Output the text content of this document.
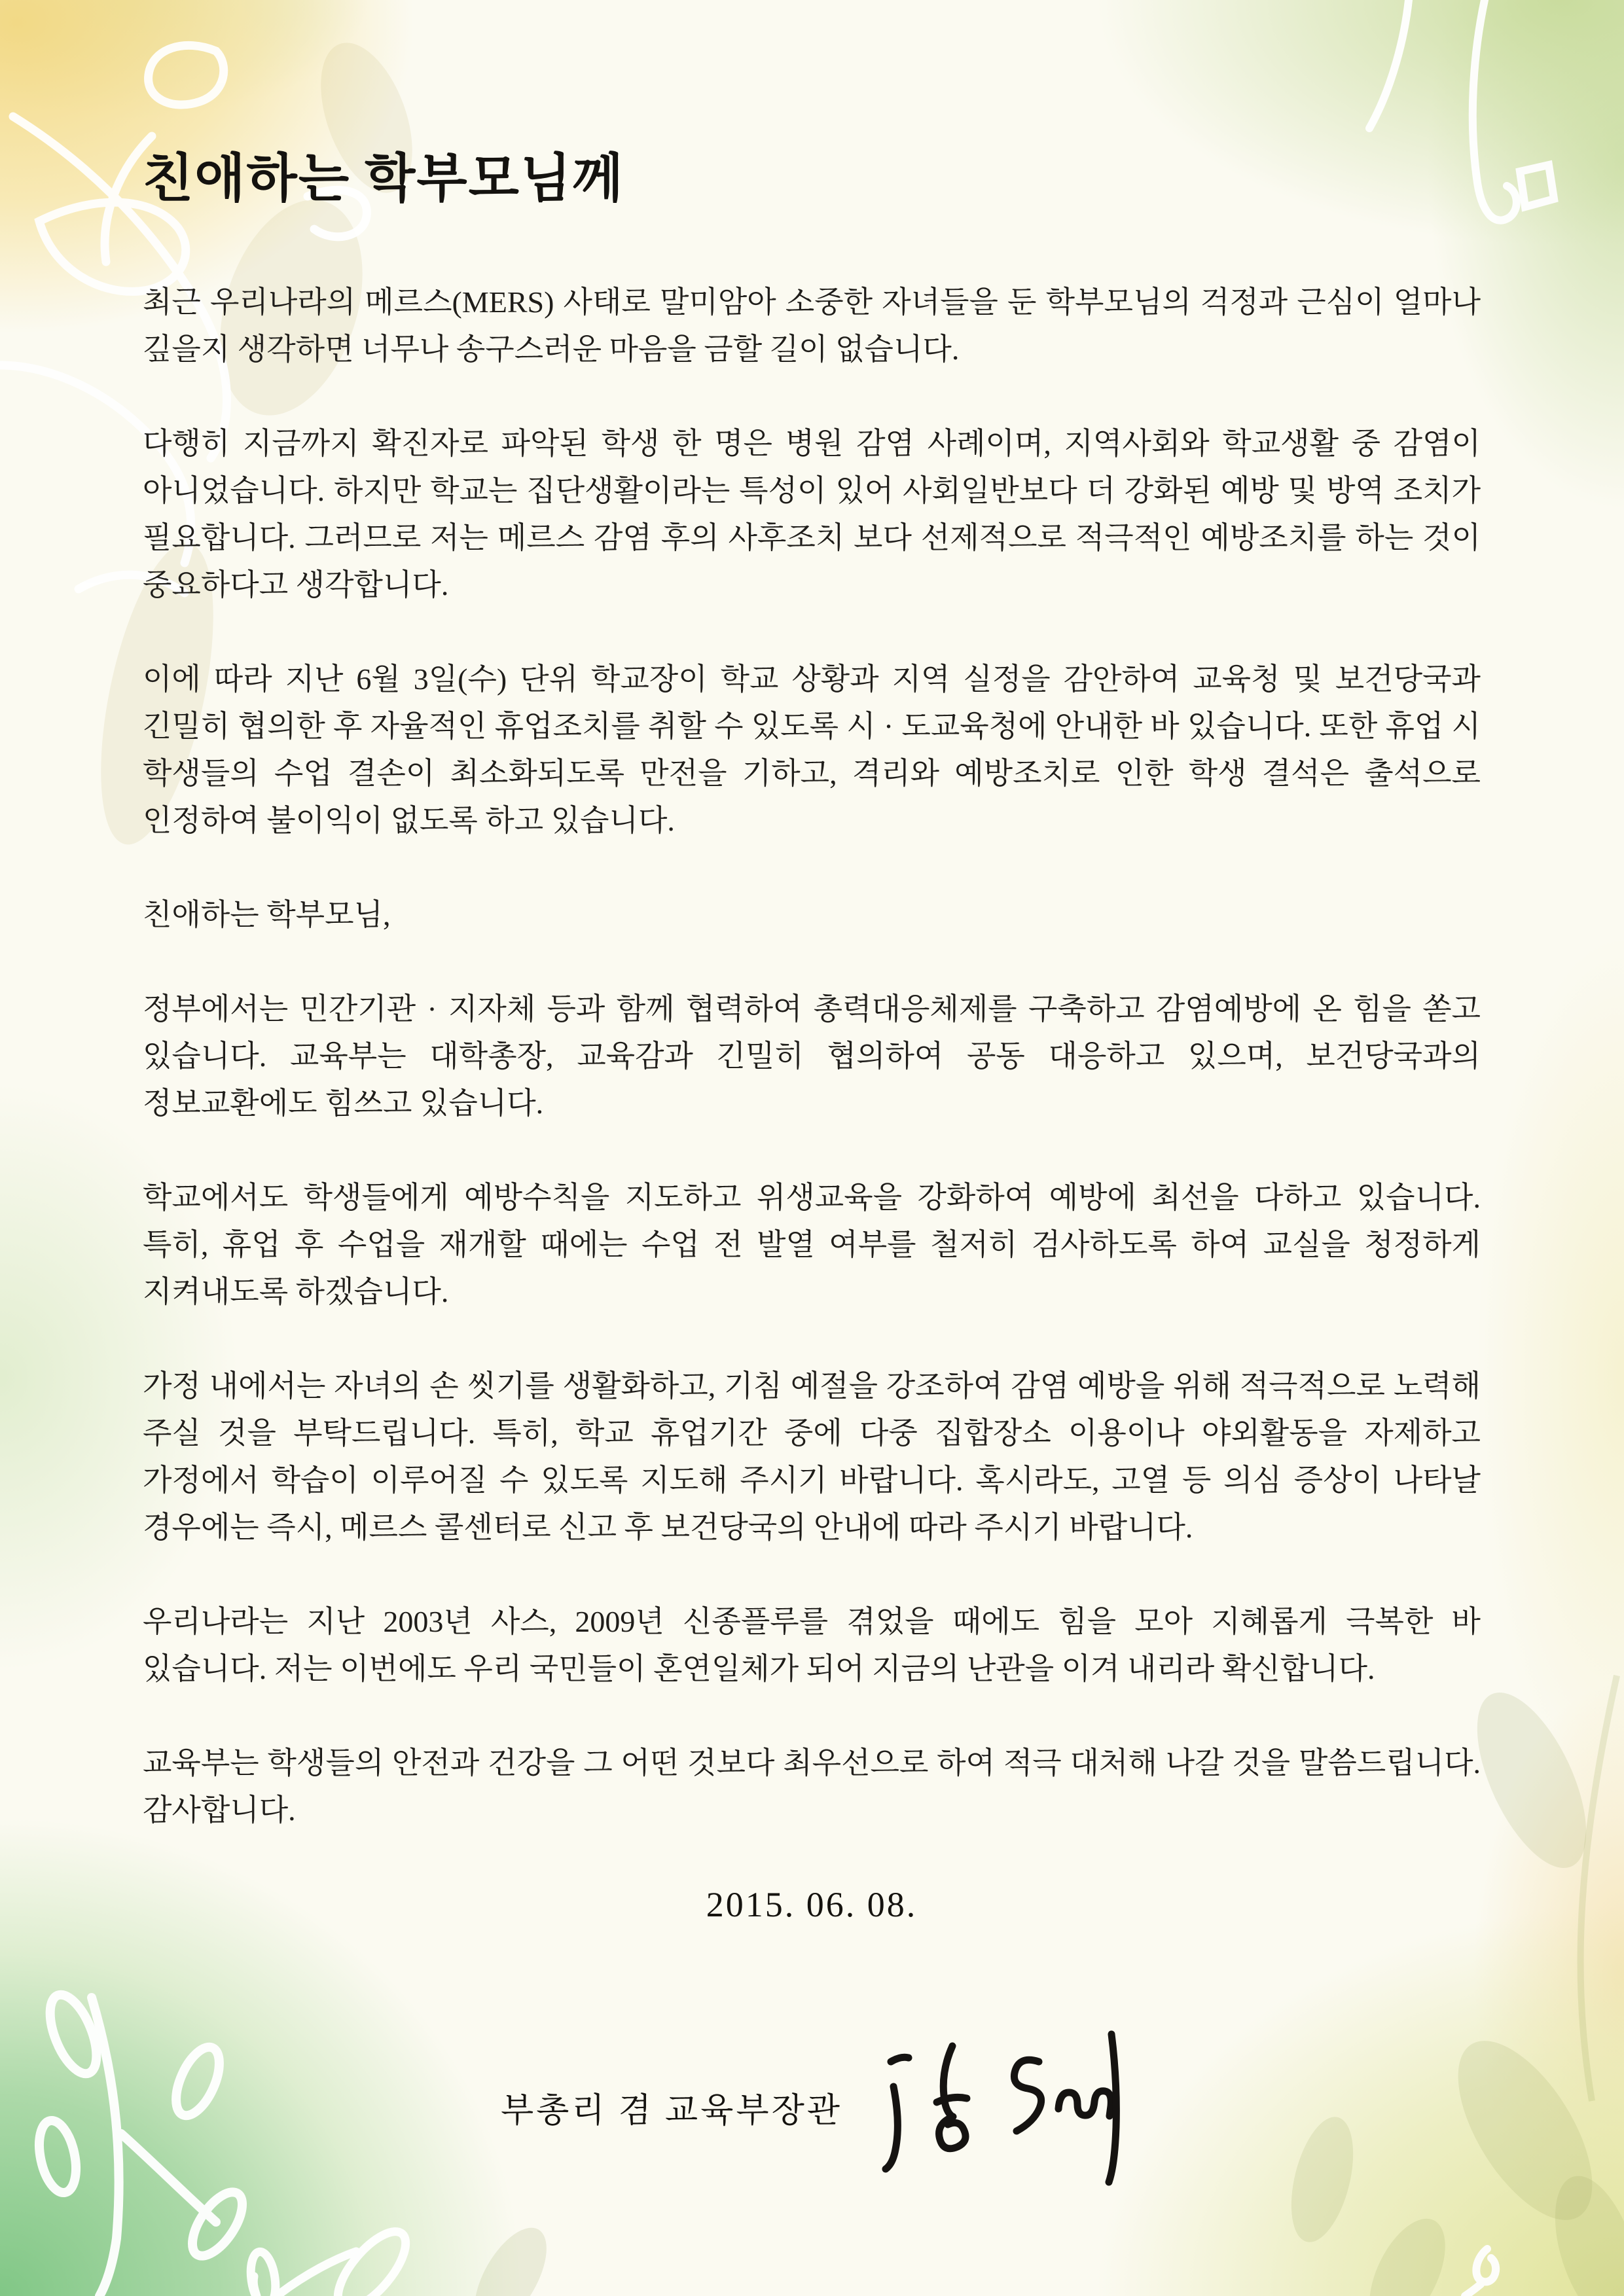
친애하는 학부모님께

최근 우리나라의 메르스(MERS) 사태로 말미암아 소중한 자녀들을 둔 학부모님의 걱정과 근심이 얼마나 깊을지 생각하면 너무나 송구스러운 마음을 금할 길이 없습니다.

다행히 지금까지 확진자로 파악된 학생 한 명은 병원 감염 사례이며, 지역사회와 학교생활 중 감염이 아니었습니다. 하지만 학교는 집단생활이라는 특성이 있어 사회일반보다 더 강화된 예방 및 방역 조치가 필요합니다. 그러므로 저는 메르스 감염 후의 사후조치 보다 선제적으로 적극적인 예방조치를 하는 것이 중요하다고 생각합니다.

이에 따라 지난 6월 3일(수) 단위 학교장이 학교 상황과 지역 실정을 감안하여 교육청 및 보건당국과 긴밀히 협의한 후 자율적인 휴업조치를 취할 수 있도록 시 · 도교육청에 안내한 바 있습니다. 또한 휴업 시 학생들의 수업 결손이 최소화되도록 만전을 기하고, 격리와 예방조치로 인한 학생 결석은 출석으로 인정하여 불이익이 없도록 하고 있습니다.

친애하는 학부모님,

정부에서는 민간기관 · 지자체 등과 함께 협력하여 총력대응체제를 구축하고 감염예방에 온 힘을 쏟고 있습니다. 교육부는 대학총장, 교육감과 긴밀히 협의하여 공동 대응하고 있으며, 보건당국과의 정보교환에도 힘쓰고 있습니다.

학교에서도 학생들에게 예방수칙을 지도하고 위생교육을 강화하여 예방에 최선을 다하고 있습니다. 특히, 휴업 후 수업을 재개할 때에는 수업 전 발열 여부를 철저히 검사하도록 하여 교실을 청정하게 지켜내도록 하겠습니다.

가정 내에서는 자녀의 손 씻기를 생활화하고, 기침 예절을 강조하여 감염 예방을 위해 적극적으로 노력해 주실 것을 부탁드립니다. 특히, 학교 휴업기간 중에 다중 집합장소 이용이나 야외활동을 자제하고 가정에서 학습이 이루어질 수 있도록 지도해 주시기 바랍니다. 혹시라도, 고열 등 의심 증상이 나타날 경우에는 즉시, 메르스 콜센터로 신고 후 보건당국의 안내에 따라 주시기 바랍니다.

우리나라는 지난 2003년 사스, 2009년 신종플루를 겪었을 때에도 힘을 모아 지혜롭게 극복한 바 있습니다. 저는 이번에도 우리 국민들이 혼연일체가 되어 지금의 난관을 이겨 내리라 확신합니다.

교육부는 학생들의 안전과 건강을 그 어떤 것보다 최우선으로 하여 적극 대처해 나갈 것을 말씀드립니다. 감사합니다.

2015. 06. 08.
부총리 겸 교육부장관
